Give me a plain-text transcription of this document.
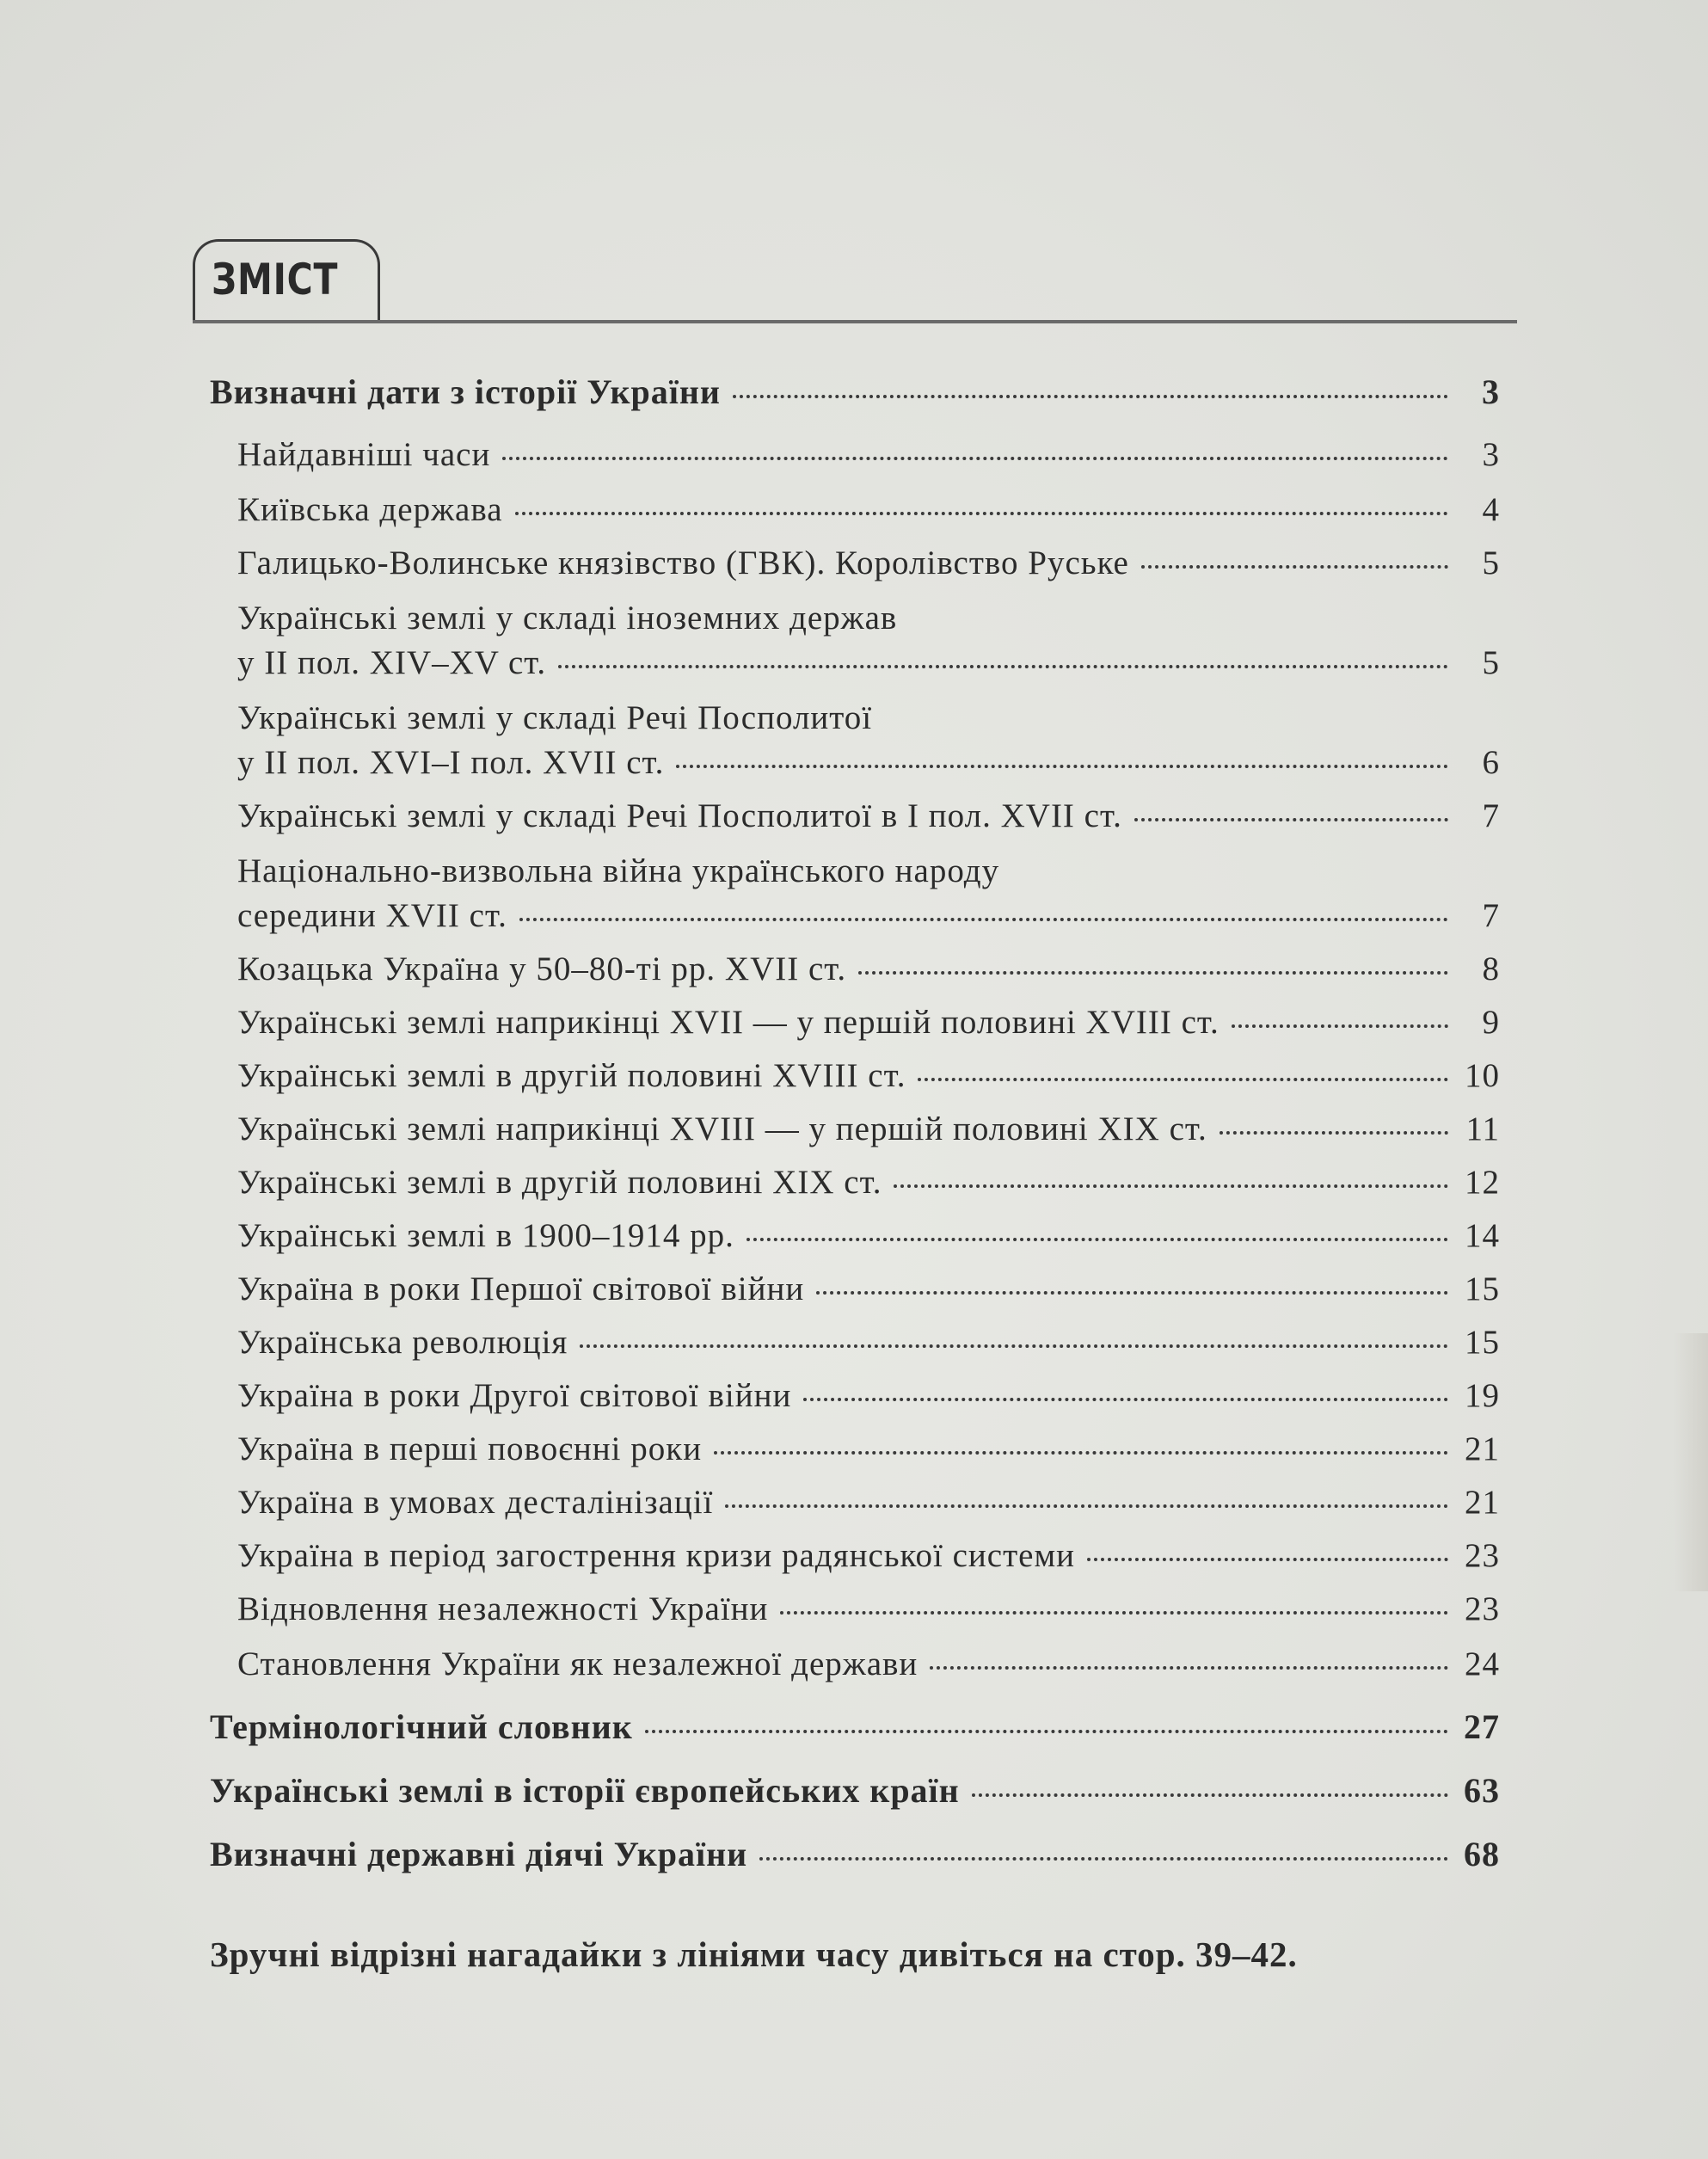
ЗМІСТ
Визначні дати з історії України	3
Найдавніші часи	3
Київська держава	4
Галицько-Волинське князівство (ГВК). Королівство Руське	5
Українські землі у складі іноземних держав
у ІІ пол. XIV–XV ст.	5
Українські землі у складі Речі Посполитої
у ІІ пол. XVI–І пол. XVII ст.	6
Українські землі у складі Речі Посполитої в І пол. XVII ст.	7
Національно-визвольна війна українського народу
середини XVII ст.	7
Козацька Україна у 50–80-ті рр. XVII ст.	8
Українські землі наприкінці XVII — у першій половині XVIII ст.	9
Українські землі в другій половині XVIII ст.	10
Українські землі наприкінці XVIII — у першій половині XIX ст.	11
Українські землі в другій половині XIX ст.	12
Українські землі в 1900–1914 рр.	14
Україна в роки Першої світової війни	15
Українська революція	15
Україна в роки Другої світової війни	19
Україна в перші повоєнні роки	21
Україна в умовах десталінізації	21
Україна в період загострення кризи радянської системи	23
Відновлення незалежності України	23
Становлення України як незалежної держави	24
Термінологічний словник	27
Українські землі в історії європейських країн	63
Визначні державні діячі України	68
Зручні відрізні нагадайки з лініями часу дивіться на стор. 39–42.
